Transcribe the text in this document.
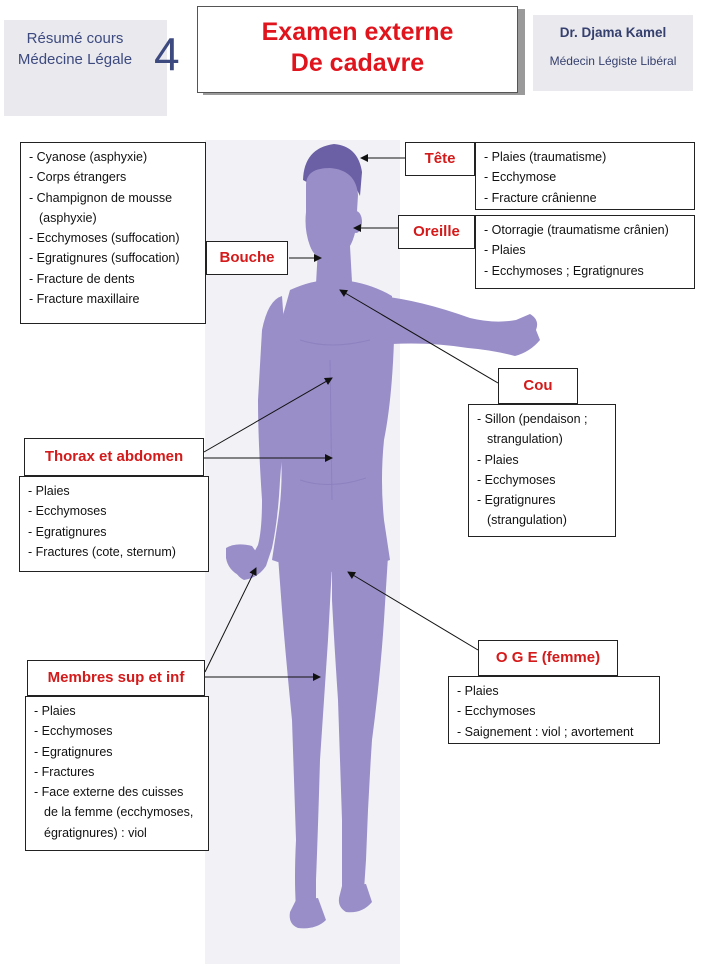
Résumé cours
Médecine Légale 4	Examen externe
De cadavre
Dr. Djama Kamel
Médecin Légiste Libéral
- Cyanose (asphyxie)
- Corps étrangers
- Champignon de mousse
(asphyxie)
- Ecchymoses (suffocation)
- Egratignures (suffocation)
- Fracture de dents
- Fracture maxillaire
Bouche
Tête	- Plaies (traumatisme)
- Ecchymose
- Fracture crânienne
Oreille	- Otorragie (traumatisme crânien)
- Plaies
- Ecchymoses ; Egratignures
Cou
- Sillon (pendaison ;
strangulation)
- Plaies
- Ecchymoses
- Egratignures
(strangulation)
Thorax et abdomen
- Plaies
- Ecchymoses
- Egratignures
- Fractures (cote, sternum)
Membres sup et inf
- Plaies
- Ecchymoses
- Egratignures
- Fractures
- Face externe des cuisses
de la femme (ecchymoses,
égratignures) : viol
O G E (femme)
- Plaies
- Ecchymoses
- Saignement : viol ; avortement
